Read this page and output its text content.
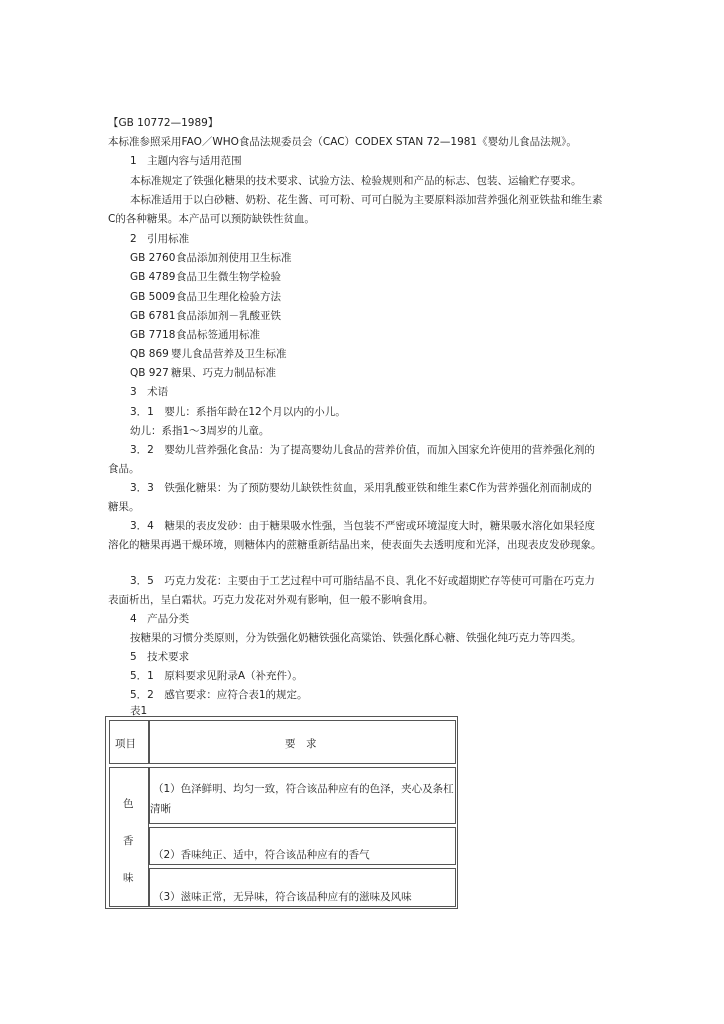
【GB 10772—1989】
本标准参照采用FAO／WHO食品法规委员会（CAC）CODEX STAN 72—1981《婴幼儿食品法规》。
1　主题内容与适用范围
本标准规定了铁强化糖果的技术要求、试验方法、检验规则和产品的标志、包装、运输贮存要求。
本标准适用于以白砂糖、奶粉、花生酱、可可粉、可可白脱为主要原料添加营养强化剂亚铁盐和维生素
C的各种糖果。本产品可以预防缺铁性贫血。
2　引用标准
GB 2760食品添加剂使用卫生标准
GB 4789食品卫生微生物学检验
GB 5009食品卫生理化检验方法
GB 6781食品添加剂－乳酸亚铁
GB 7718食品标签通用标准
QB 869 婴儿食品营养及卫生标准
QB 927 糖果、巧克力制品标准
3　术语
3．1　婴儿：系指年龄在12个月以内的小儿。
幼儿：系指1～3周岁的儿童。
3．2　婴幼儿营养强化食品：为了提高婴幼儿食品的营养价值，而加入国家允许使用的营养强化剂的
食品。
3．3　铁强化糖果：为了预防婴幼儿缺铁性贫血，采用乳酸亚铁和维生素C作为营养强化剂而制成的
糖果。
3．4　糖果的表皮发砂：由于糖果吸水性强，当包装不严密或环境湿度大时，糖果吸水溶化如果轻度
溶化的糖果再遇干燥环境，则糖体内的蔗糖重新结晶出来，使表面失去透明度和光泽，出现表皮发砂现象。
3．5　巧克力发花：主要由于工艺过程中可可脂结晶不良、乳化不好或超期贮存等使可可脂在巧克力
表面析出，呈白霜状。巧克力发花对外观有影响，但一般不影响食用。
4　产品分类
按糖果的习惯分类原则，分为铁强化奶糖铁强化高粱饴、铁强化酥心糖、铁强化纯巧克力等四类。
5　技术要求
5．1　原料要求见附录A（补充件）。
5．2　感官要求：应符合表1的规定。
表1
项目	要　求
色
香
味
（1）色泽鲜明、均匀一致，符合该品种应有的色泽，夹心及条杠
清晰
（2）香味纯正、适中，符合该品种应有的香气
（3）滋味正常，无异味，符合该品种应有的滋味及风味
